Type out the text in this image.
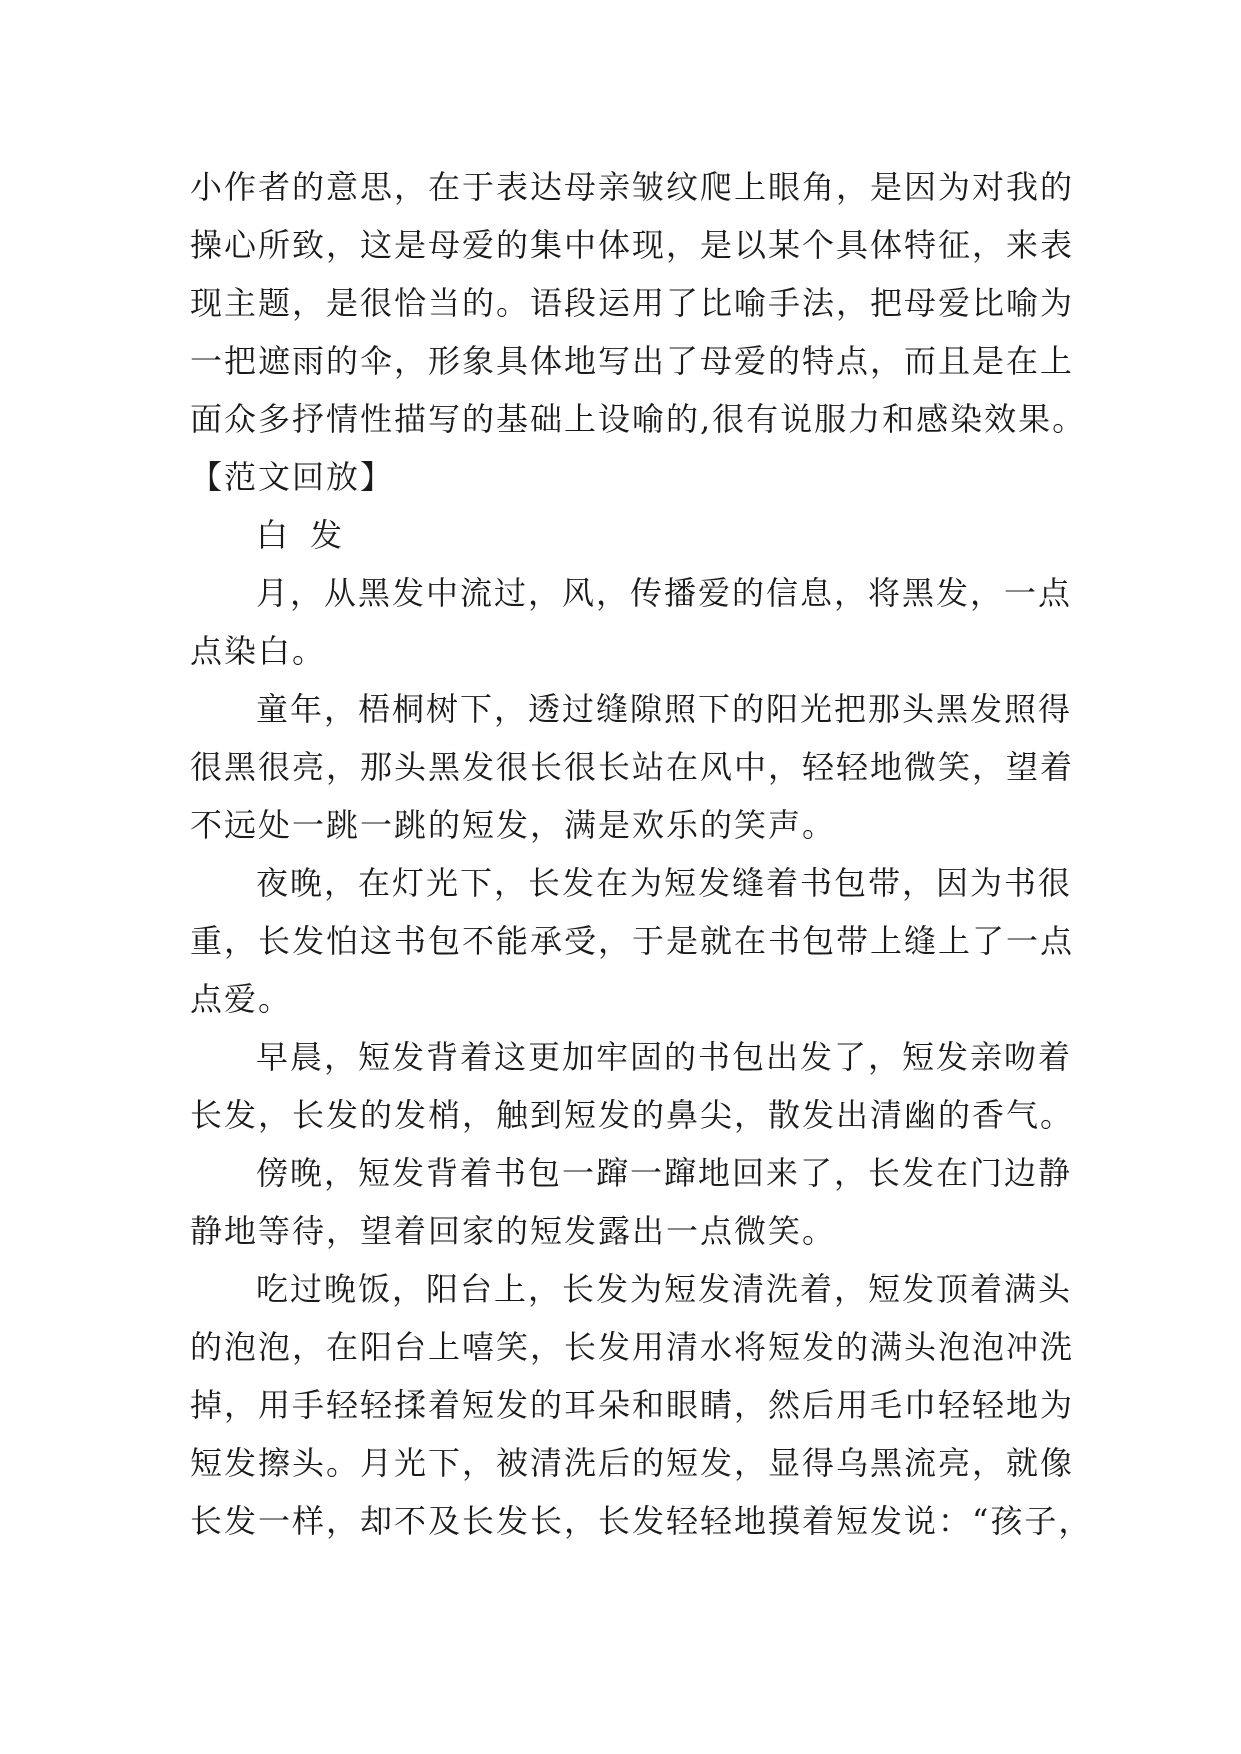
小作者的意思，在于表达母亲皱纹爬上眼角，是因为对我的
操心所致，这是母爱的集中体现，是以某个具体特征，来表
现主题，是很恰当的。语段运用了比喻手法，把母爱比喻为
一把遮雨的伞，形象具体地写出了母爱的特点，而且是在上
面众多抒情性描写的基础上设喻的,很有说服力和感染效果。
【范文回放】
白 发
月，从黑发中流过，风，传播爱的信息，将黑发，一点
点染白。
童年，梧桐树下，透过缝隙照下的阳光把那头黑发照得
很黑很亮，那头黑发很长很长站在风中，轻轻地微笑，望着
不远处一跳一跳的短发，满是欢乐的笑声。
夜晚，在灯光下，长发在为短发缝着书包带，因为书很
重，长发怕这书包不能承受，于是就在书包带上缝上了一点
点爱。
早晨，短发背着这更加牢固的书包出发了，短发亲吻着
长发，长发的发梢，触到短发的鼻尖，散发出清幽的香气。
傍晚，短发背着书包一蹿一蹿地回来了，长发在门边静
静地等待，望着回家的短发露出一点微笑。
吃过晚饭，阳台上，长发为短发清洗着，短发顶着满头
的泡泡，在阳台上嘻笑，长发用清水将短发的满头泡泡冲洗
掉，用手轻轻揉着短发的耳朵和眼睛，然后用毛巾轻轻地为
短发擦头。月光下，被清洗后的短发，显得乌黑流亮，就像
长发一样，却不及长发长，长发轻轻地摸着短发说：“孩子，
